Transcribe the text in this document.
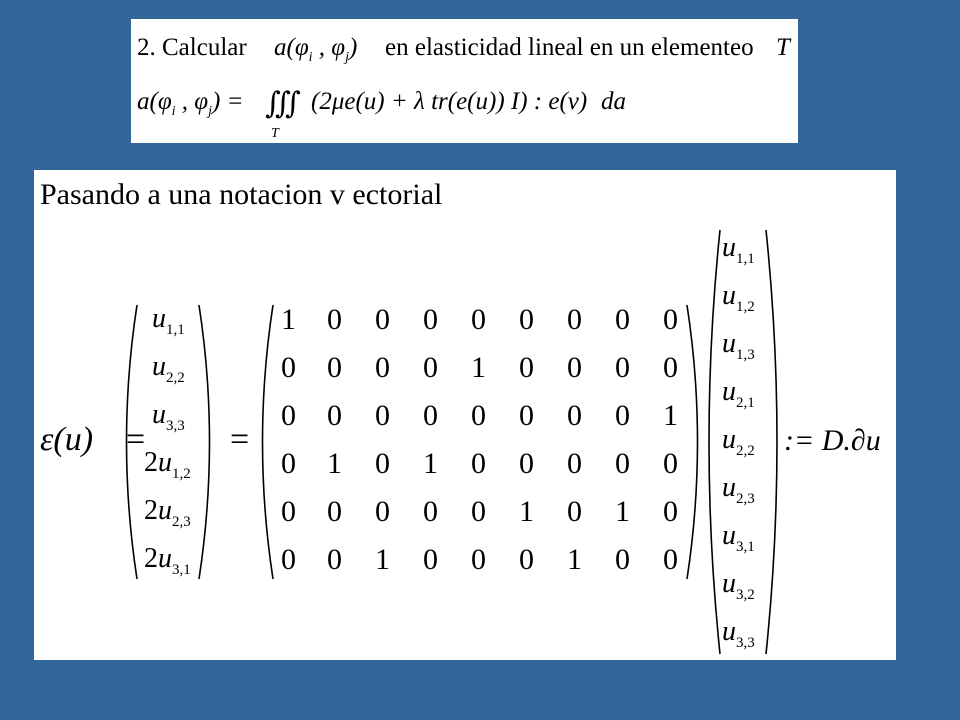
2. Calcular $a(\varphi_i$ , $\varphi_j$) en elasticidad lineal en un elementeo T
$a(\varphi_i$ , $\varphi_j$) = ∭
T
(2μe(u) + λ tr(e(u)) I) : e(v) da
Pasando a una notacion v ectorial
ε(u) = =
$u_{1,1}$
$u_{2,2}$
$u_{3,3}$
$2u_{1,2}$
$2u_{2,3}$
$2u_{3,1}$
1 0 0 0 0 0 0 0 0
0 0 0 0 1 0 0 0 0
0 0 0 0 0 0 0 0 1
0 1 0 1 0 0 0 0 0
0 0 0 0 0 1 0 1 0
0 0 1 0 0 0 1 0 0
$u_{1,1}$
$u_{1,2}$
$u_{1,3}$
$u_{2,1}$
$u_{2,2}$
$u_{2,3}$
$u_{3,1}$
$u_{3,2}$
$u_{3,3}$
:= D.∂u
